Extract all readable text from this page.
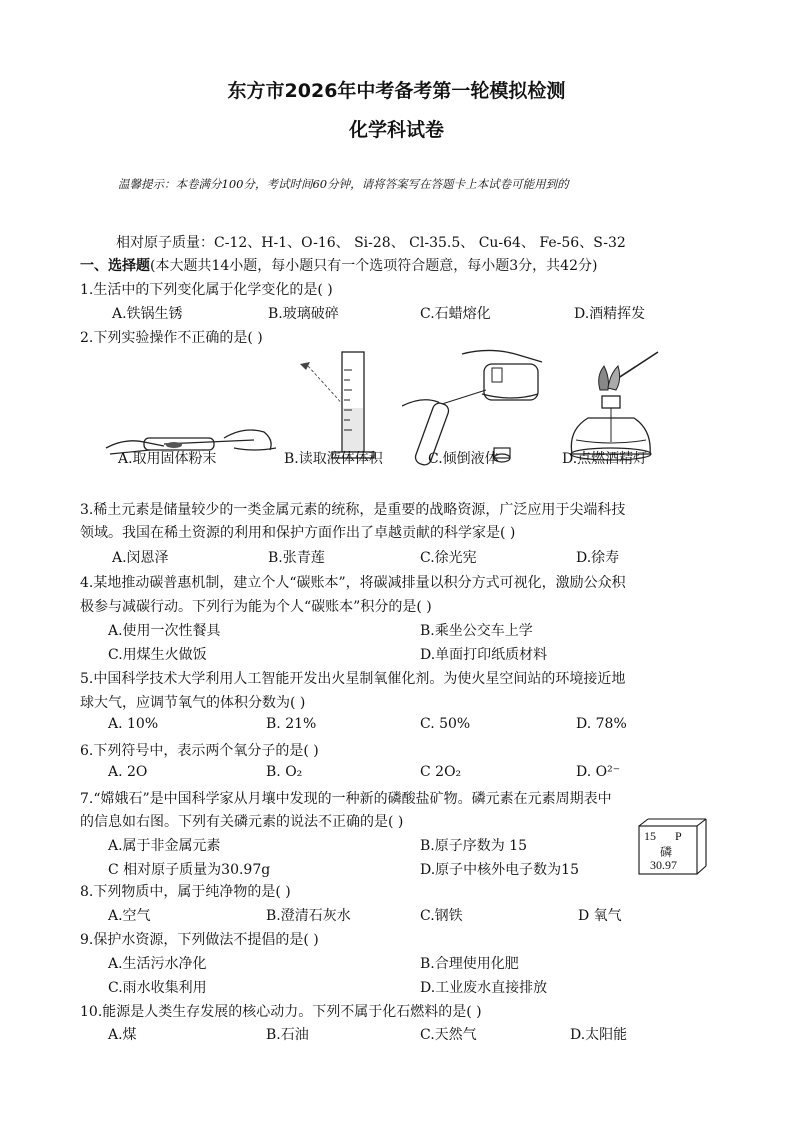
东方市2026年中考备考第一轮模拟检测
化学科试卷
温馨提示：本卷满分100分，考试时间60分钟，请将答案写在答题卡上本试卷可能用到的
相对原子质量：C-12、H-1、O-16、 Si-28、 Cl-35.5、 Cu-64、 Fe-56、S-32
一、选择题(本大题共14小题，每小题只有一个选项符合题意，每小题3分，共42分)
1.生活中的下列变化属于化学变化的是( )
A.铁锅生锈	B.玻璃破碎	C.石蜡熔化	D.酒精挥发
2.下列实验操作不正确的是( )
A.取用固体粉末	B.读取液体体积	C.倾倒液体	D.点燃酒精灯
3.稀土元素是储量较少的一类金属元素的统称，是重要的战略资源，广泛应用于尖端科技
领域。我国在稀土资源的利用和保护方面作出了卓越贡献的科学家是( )
A.闵恩泽	B.张青莲	C.徐光宪	D.徐寿
4.某地推动碳普惠机制，建立个人“碳账本”，将碳减排量以积分方式可视化，激励公众积
极参与减碳行动。下列行为能为个人“碳账本”积分的是( )
A.使用一次性餐具	B.乘坐公交车上学
C.用煤生火做饭	D.单面打印纸质材料
5.中国科学技术大学利用人工智能开发出火星制氧催化剂。为使火星空间站的环境接近地
球大气，应调节氧气的体积分数为( )
A. 10%	B. 21%	C. 50%	D. 78%
6.下列符号中，表示两个氧分子的是( )
A. 2O	B. O₂	C 2O₂	D. O²⁻
7.“嫦娥石”是中国科学家从月壤中发现的一种新的磷酸盐矿物。磷元素在元素周期表中
的信息如右图。下列有关磷元素的说法不正确的是( )
A.属于非金属元素	B.原子序数为 15
C 相对原子质量为30.97g	D.原子中核外电子数为15
15 P
磷
30.97
8.下列物质中，属于纯净物的是( )
A.空气	B.澄清石灰水	C.钢铁	D 氧气
9.保护水资源，下列做法不提倡的是( )
A.生活污水净化	B.合理使用化肥
C.雨水收集利用	D.工业废水直接排放
10.能源是人类生存发展的核心动力。下列不属于化石燃料的是( )
A.煤	B.石油	C.天然气	D.太阳能
